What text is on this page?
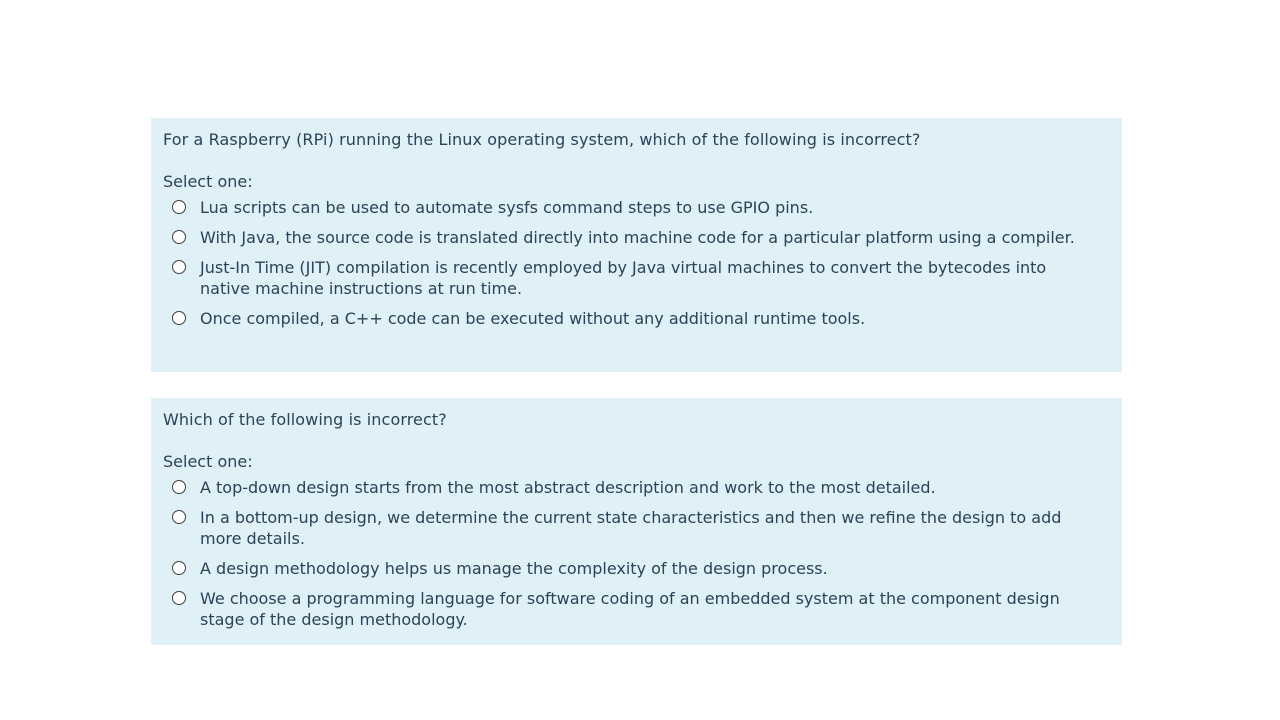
For a Raspberry (RPi) running the Linux operating system, which of the following is incorrect?

Select one:

Lua scripts can be used to automate sysfs command steps to use GPIO pins.
With Java, the source code is translated directly into machine code for a particular platform using a compiler.
Just-In Time (JIT) compilation is recently employed by Java virtual machines to convert the bytecodes into native machine instructions at run time.
Once compiled, a C++ code can be executed without any additional runtime tools.

Which of the following is incorrect?

Select one:

A top-down design starts from the most abstract description and work to the most detailed.
In a bottom-up design, we determine the current state characteristics and then we refine the design to add more details.
A design methodology helps us manage the complexity of the design process.
We choose a programming language for software coding of an embedded system at the component design stage of the design methodology.
